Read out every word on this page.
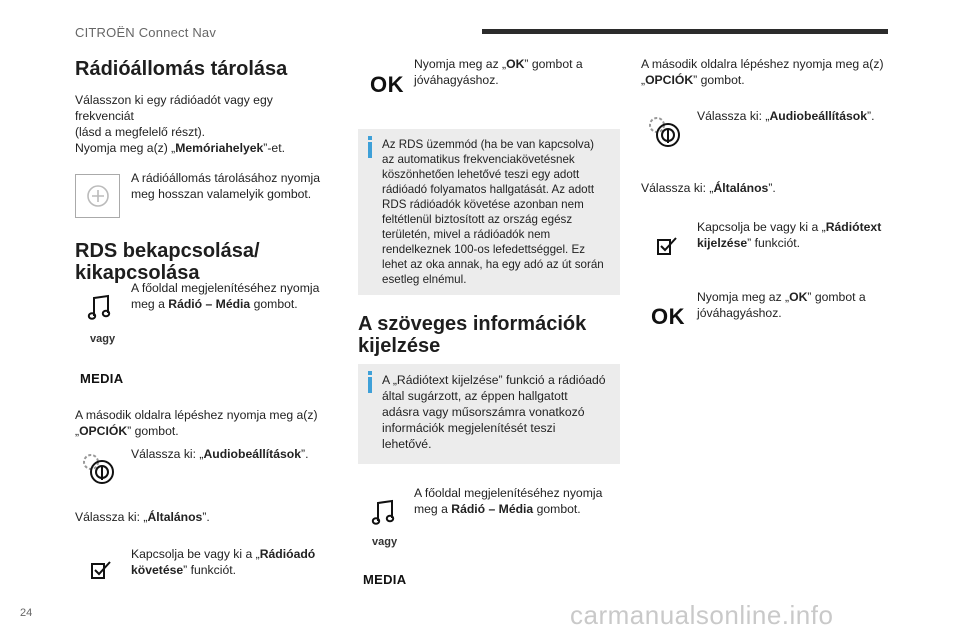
CITROËN Connect Nav
Rádióállomás tárolása
Válasszon ki egy rádióadót vagy egy
frekvenciát
(lásd a megfelelő részt).
Nyomja meg a(z) „Memóriahelyek”-et.
A rádióállomás tárolásához nyomja meg hosszan valamelyik gombot.
RDS bekapcsolása/
kikapcsolása
A főoldal megjelenítéséhez nyomja meg a Rádió – Média gombot.
vagy
MEDIA
A második oldalra lépéshez nyomja meg a(z) „OPCIÓK” gombot.
Válassza ki: „Audiobeállítások”.
Válassza ki: „Általános”.
Kapcsolja be vagy ki a „Rádióadó követése” funkciót.
OK
Nyomja meg az „OK” gombot a jóváhagyáshoz.
Az RDS üzemmód (ha be van kapcsolva) az automatikus frekvenciakövetésnek köszönhetően lehetővé teszi egy adott rádióadó folyamatos hallgatását. Az adott RDS rádióadók követése azonban nem feltétlenül biztosított az ország egész területén, mivel a rádióadók nem rendelkeznek 100-os lefedettséggel. Ez lehet az oka annak, ha egy adó az út során esetleg elnémul.
A szöveges információk
kijelzése
A „Rádiótext kijelzése” funkció a rádióadó által sugárzott, az éppen hallgatott adásra vagy műsorszámra vonatkozó információk megjelenítését teszi lehetővé.
A főoldal megjelenítéséhez nyomja meg a Rádió – Média gombot.
vagy
MEDIA
A második oldalra lépéshez nyomja meg a(z) „OPCIÓK” gombot.
Válassza ki: „Audiobeállítások”.
Válassza ki: „Általános”.
Kapcsolja be vagy ki a „Rádiótext kijelzése” funkciót.
OK
Nyomja meg az „OK” gombot a jóváhagyáshoz.
24	carmanualsonline.info
